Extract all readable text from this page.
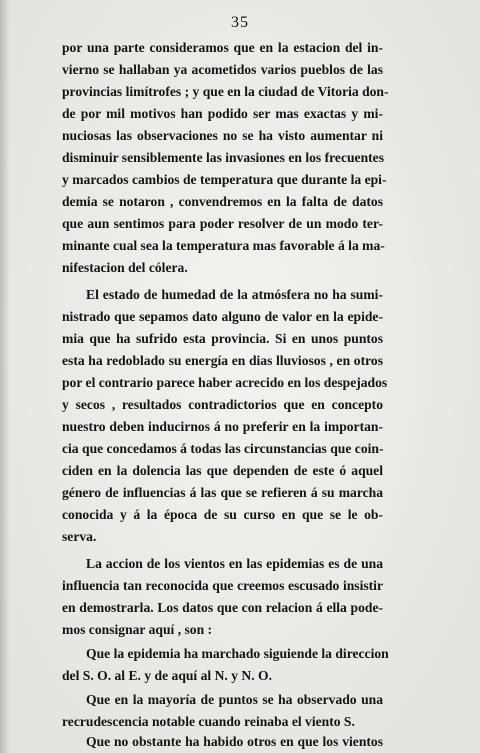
35
por una parte consideramos que en la estacion del in-
vierno se hallaban ya acometidos varios pueblos de las
provincias limítrofes ; y que en la ciudad de Vitoria don-
de por mil motivos han podido ser mas exactas y mi-
nuciosas las observaciones no se ha visto aumentar ni
disminuir sensiblemente las invasiones en los frecuentes
y marcados cambios de temperatura que durante la epi-
demia se notaron , convendremos en la falta de datos
que aun sentimos para poder resolver de un modo ter-
minante cual sea la temperatura mas favorable á la ma-
nifestacion del cólera.
El estado de humedad de la atmósfera no ha sumi-
nistrado que sepamos dato alguno de valor en la epide-
mia que ha sufrido esta provincia. Si en unos puntos
esta ha redoblado su energía en dias lluviosos , en otros
por el contrario parece haber acrecido en los despejados
y secos , resultados contradictorios que en concepto
nuestro deben inducirnos á no preferir en la importan-
cia que concedamos á todas las circunstancias que coin-
ciden en la dolencia las que dependen de este ó aquel
género de influencias á las que se refieren á su marcha
conocida y á la época de su curso en que se le ob-
serva.
La accion de los vientos en las epidemias es de una
influencia tan reconocida que creemos escusado insistir
en demostrarla. Los datos que con relacion á ella pode-
mos consignar aquí , son :
Que la epidemia ha marchado siguiende la direccion
del S. O. al E. y de aquí al N. y N. O.
Que en la mayoría de puntos se ha observado una
recrudescencia notable cuando reinaba el viento S.
Que no obstante ha habido otros en que los vientos
